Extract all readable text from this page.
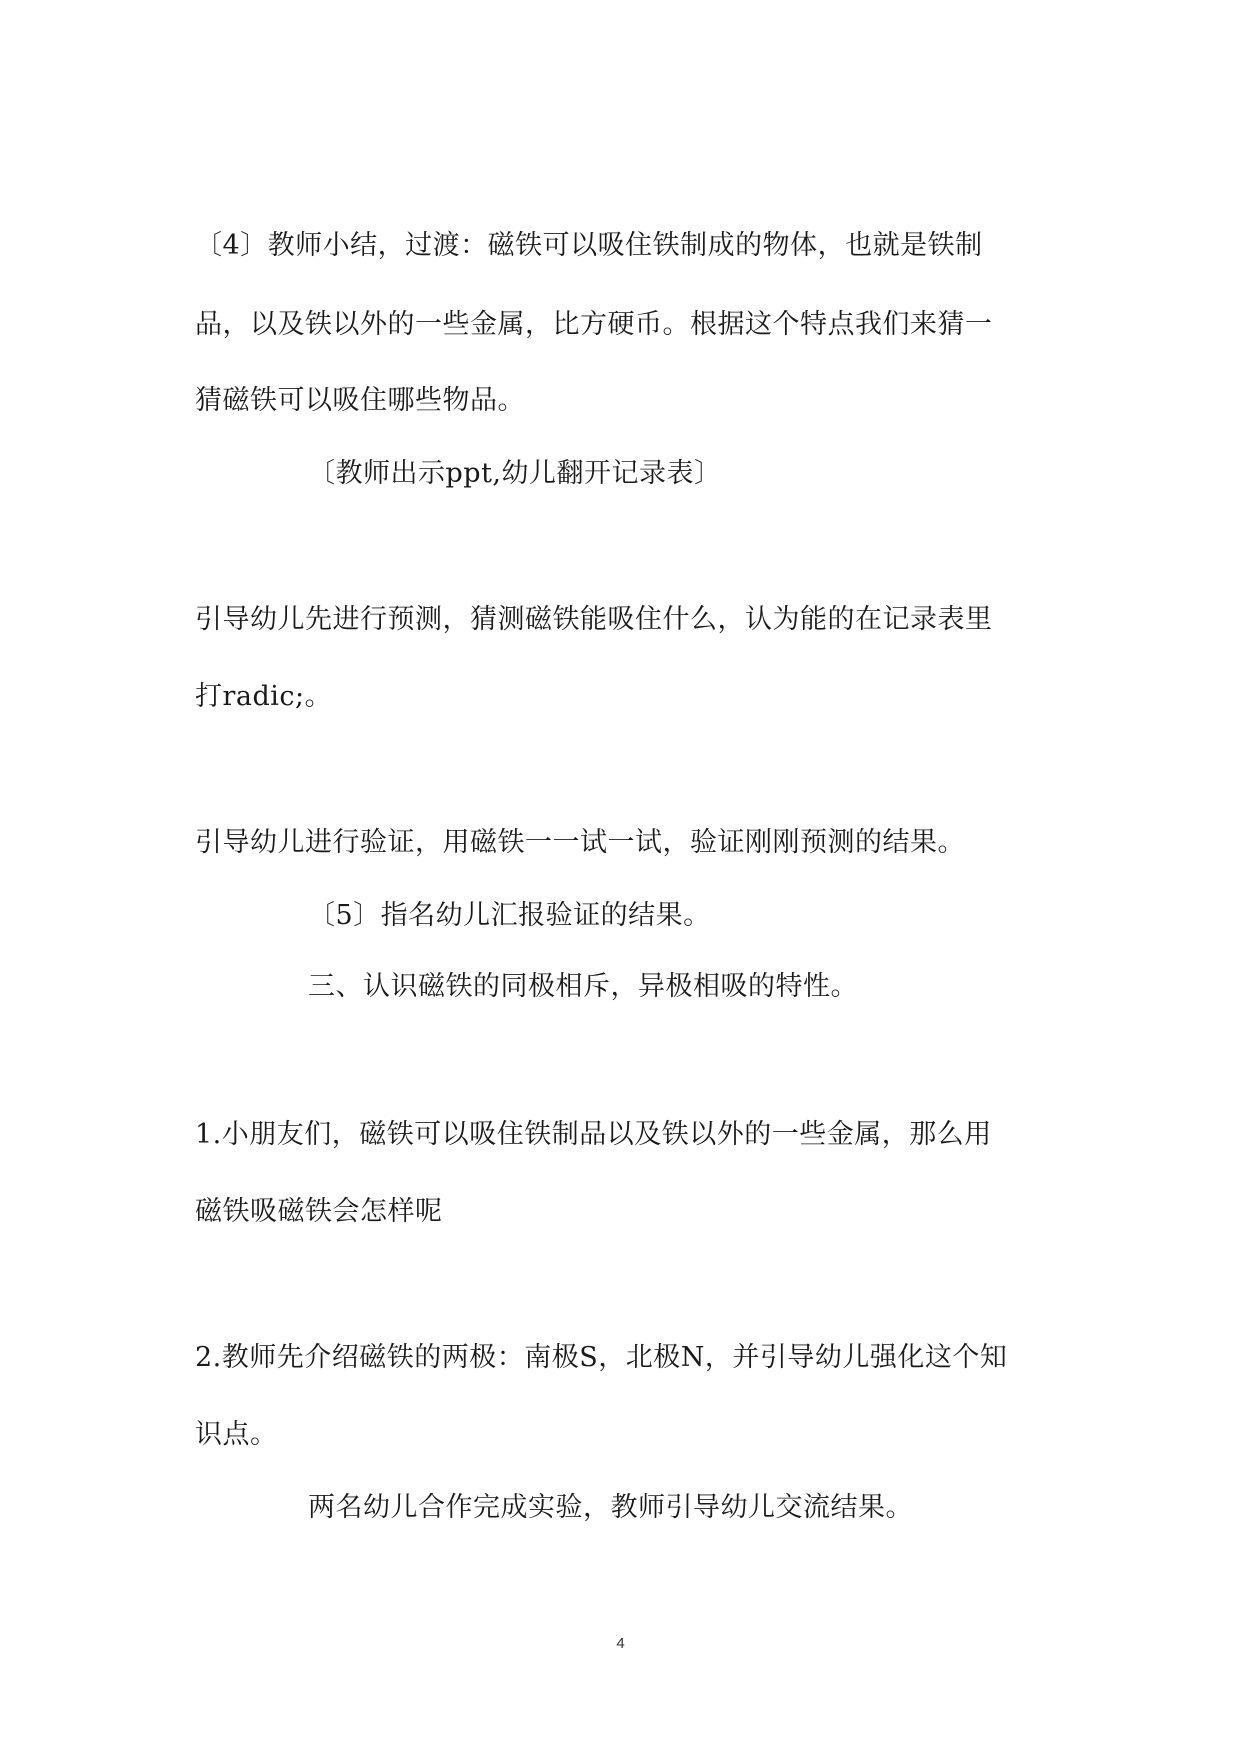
〔4〕教师小结，过渡：磁铁可以吸住铁制成的物体，也就是铁制
品，以及铁以外的一些金属，比方硬币。根据这个特点我们来猜一
猜磁铁可以吸住哪些物品。
〔教师出示ppt,幼儿翻开记录表〕
引导幼儿先进行预测，猜测磁铁能吸住什么，认为能的在记录表里
打radic;。
引导幼儿进行验证，用磁铁一一试一试，验证刚刚预测的结果。
〔5〕指名幼儿汇报验证的结果。
三、认识磁铁的同极相斥，异极相吸的特性。
1.小朋友们，磁铁可以吸住铁制品以及铁以外的一些金属，那么用
磁铁吸磁铁会怎样呢
2.教师先介绍磁铁的两极：南极S，北极N，并引导幼儿强化这个知
识点。
两名幼儿合作完成实验，教师引导幼儿交流结果。
4
